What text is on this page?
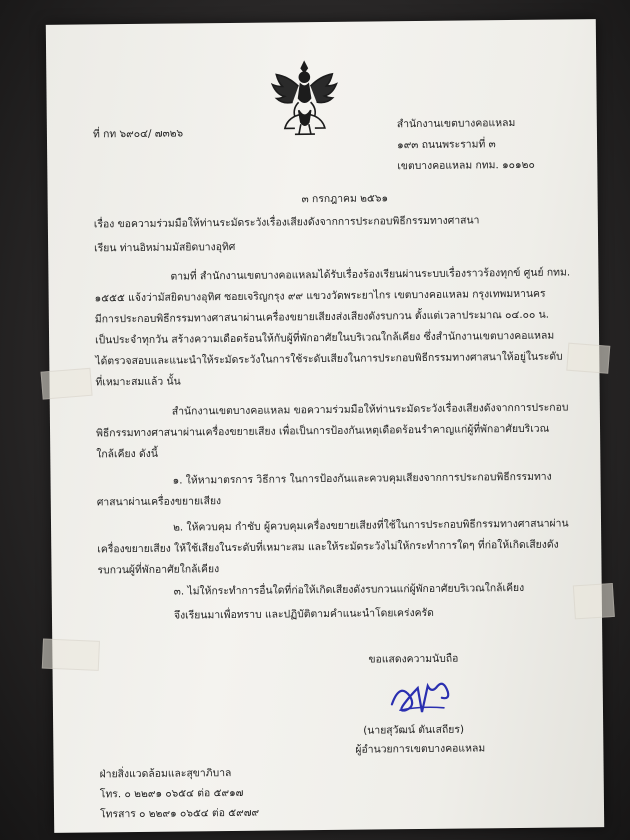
ที่ กท ๖๙๐๔/ ๗๓๒๖
สำนักงานเขตบางคอแหลม
๑๙๓ ถนนพระรามที่ ๓
เขตบางคอแหลม กทม. ๑๐๑๒๐
๓ กรกฎาคม ๒๕๖๑
เรื่อง ขอความร่วมมือให้ท่านระมัดระวังเรื่องเสียงดังจากการประกอบพิธีกรรมทางศาสนา
เรียน ท่านอิหม่ามมัสยิดบางอุทิศ
ตามที่ สำนักงานเขตบางคอแหลมได้รับเรื่องร้องเรียนผ่านระบบเรื่องราวร้องทุกข์ ศูนย์ กทม.
๑๕๕๕ แจ้งว่ามัสยิดบางอุทิศ ซอยเจริญกรุง ๙๙ แขวงวัดพระยาไกร เขตบางคอแหลม กรุงเทพมหานคร
มีการประกอบพิธีกรรมทางศาสนาผ่านเครื่องขยายเสียงส่งเสียงดังรบกวน ตั้งแต่เวลาประมาณ ๐๔.๐๐ น.
เป็นประจำทุกวัน สร้างความเดือดร้อนให้กับผู้ที่พักอาศัยในบริเวณใกล้เคียง ซึ่งสำนักงานเขตบางคอแหลม
ได้ตรวจสอบและแนะนำให้ระมัดระวังในการใช้ระดับเสียงในการประกอบพิธีกรรมทางศาสนาให้อยู่ในระดับ
ที่เหมาะสมแล้ว นั้น
สำนักงานเขตบางคอแหลม ขอความร่วมมือให้ท่านระมัดระวังเรื่องเสียงดังจากการประกอบ
พิธีกรรมทางศาสนาผ่านเครื่องขยายเสียง เพื่อเป็นการป้องกันเหตุเดือดร้อนรำคาญแก่ผู้ที่พักอาศัยบริเวณ
ใกล้เคียง ดังนี้
๑. ให้หามาตรการ วิธีการ ในการป้องกันและควบคุมเสียงจากการประกอบพิธีกรรมทาง
ศาสนาผ่านเครื่องขยายเสียง
๒. ให้ควบคุม กำชับ ผู้ควบคุมเครื่องขยายเสียงที่ใช้ในการประกอบพิธีกรรมทางศาสนาผ่าน
เครื่องขยายเสียง ให้ใช้เสียงในระดับที่เหมาะสม และให้ระมัดระวังไม่ให้กระทำการใดๆ ที่ก่อให้เกิดเสียงดัง
รบกวนผู้ที่พักอาศัยใกล้เคียง
๓. ไม่ให้กระทำการอื่นใดที่ก่อให้เกิดเสียงดังรบกวนแก่ผู้พักอาศัยบริเวณใกล้เคียง
จึงเรียนมาเพื่อทราบ และปฏิบัติตามคำแนะนำโดยเคร่งครัด
ขอแสดงความนับถือ
(นายสุวัฒน์ ตันเสถียร)
ผู้อำนวยการเขตบางคอแหลม
ฝ่ายสิ่งแวดล้อมและสุขาภิบาล
โทร. ๐ ๒๒๙๑ ๐๖๕๔ ต่อ ๕๙๑๗
โทรสาร ๐ ๒๒๙๑ ๐๖๕๔ ต่อ ๕๙๗๙
